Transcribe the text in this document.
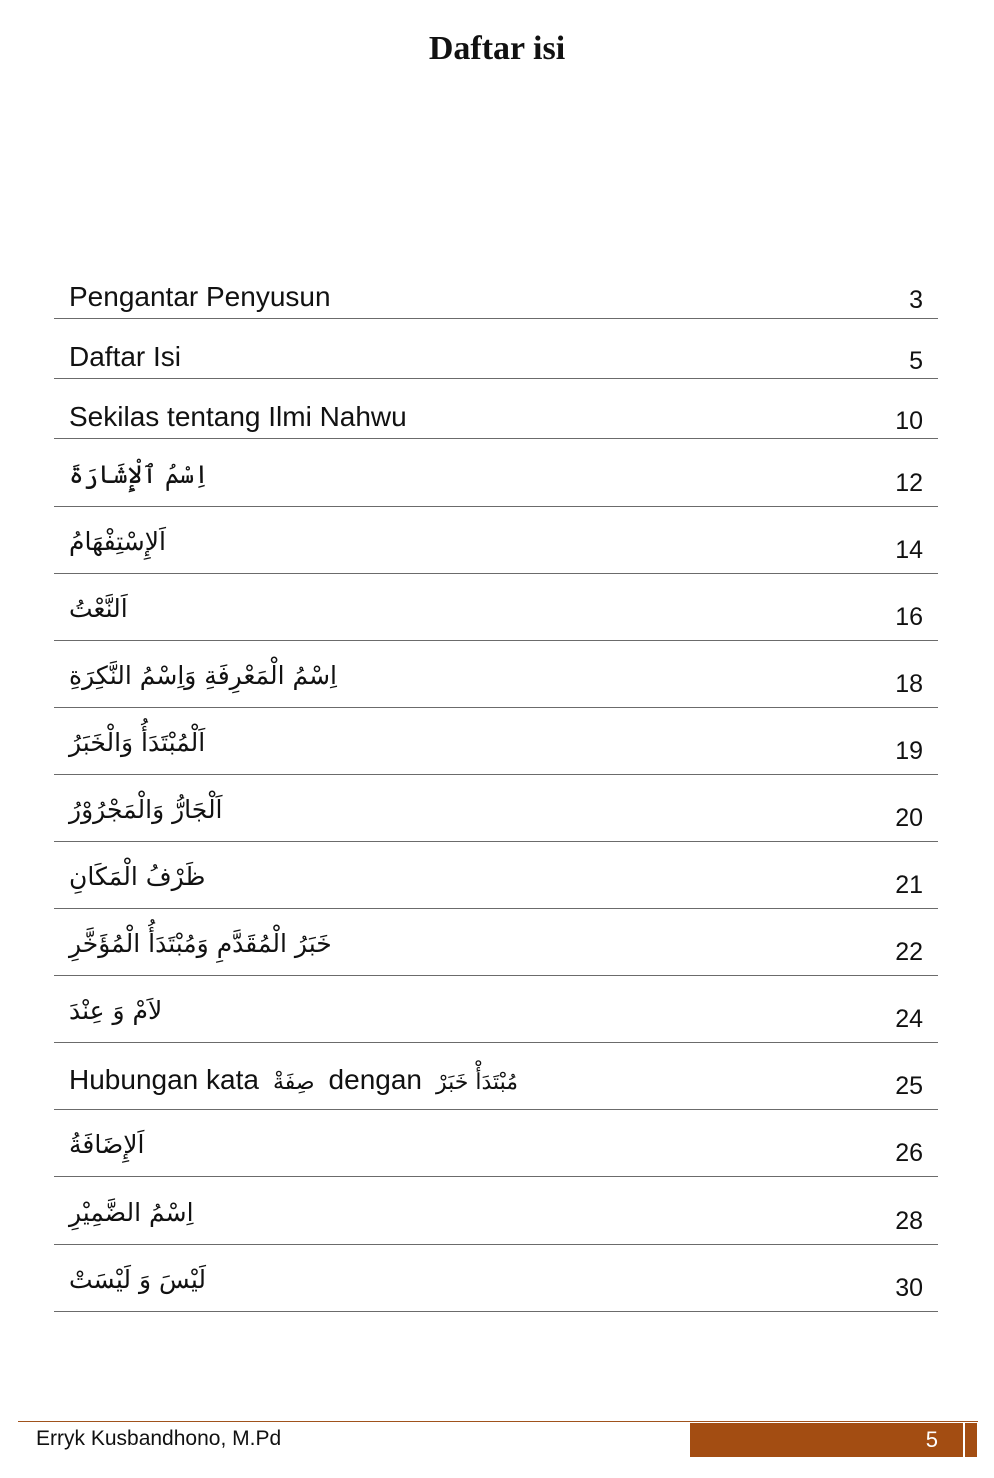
Daftar isi
Pengantar Penyusun	3
Daftar Isi	5
Sekilas tentang Ilmi Nahwu	10
اِسْمُ ٱلْإِشَارَةَ	12
اَلإِسْتِفْهَامُ	14
اَلنَّعْتُ	16
اِسْمُ الْمَعْرِفَةِ وَاِسْمُ النَّكِرَةِ	18
اَلْمُبْتَدَأُ وَالْخَبَرُ	19
اَلْجَارُّ وَالْمَجْرُوْرُ	20
ظَرْفُ الْمَكَانِ	21
خَبَرُ الْمُقَدَّمِ وَمُبْتَدَأُ الْمُؤَخَّرِ	22
لاَمْ وَ عِنْدَ	24
Hubungan kata صِفَةْ dengan مُبْتَدَأْ خَبَرْ	25
اَلإِضَافَةُ	26
اِسْمُ الضَّمِيْرِ	28
لَيْسَ وَ لَيْسَتْ	30
Erryk Kusbandhono, M.Pd	5
